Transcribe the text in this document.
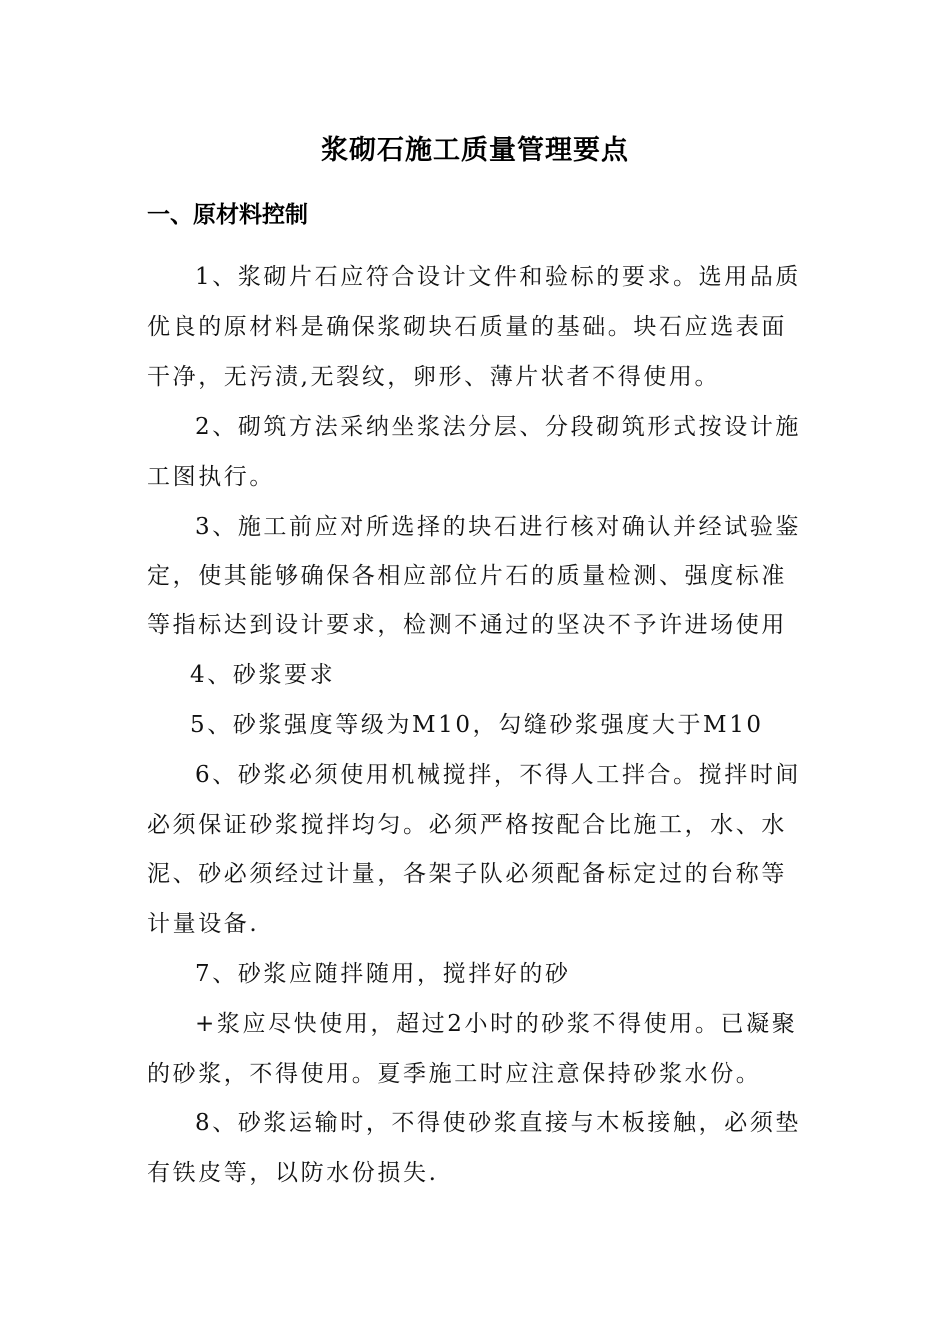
浆砌石施工质量管理要点
一、原材料控制
1、浆砌片石应符合设计文件和验标的要求。选用品质
优良的原材料是确保浆砌块石质量的基础。块石应选表面
干净，无污渍,无裂纹，卵形、薄片状者不得使用。
2、砌筑方法采纳坐浆法分层、分段砌筑形式按设计施
工图执行。
3、施工前应对所选择的块石进行核对确认并经试验鉴
定，使其能够确保各相应部位片石的质量检测、强度标准
等指标达到设计要求，检测不通过的坚决不予许进场使用
4、砂浆要求
5、砂浆强度等级为M10，勾缝砂浆强度大于M10
6、砂浆必须使用机械搅拌，不得人工拌合。搅拌时间
必须保证砂浆搅拌均匀。必须严格按配合比施工，水、水
泥、砂必须经过计量，各架子队必须配备标定过的台称等
计量设备.
7、砂浆应随拌随用，搅拌好的砂
+浆应尽快使用，超过2小时的砂浆不得使用。已凝聚
的砂浆，不得使用。夏季施工时应注意保持砂浆水份。
8、砂浆运输时，不得使砂浆直接与木板接触，必须垫
有铁皮等，以防水份损失.
